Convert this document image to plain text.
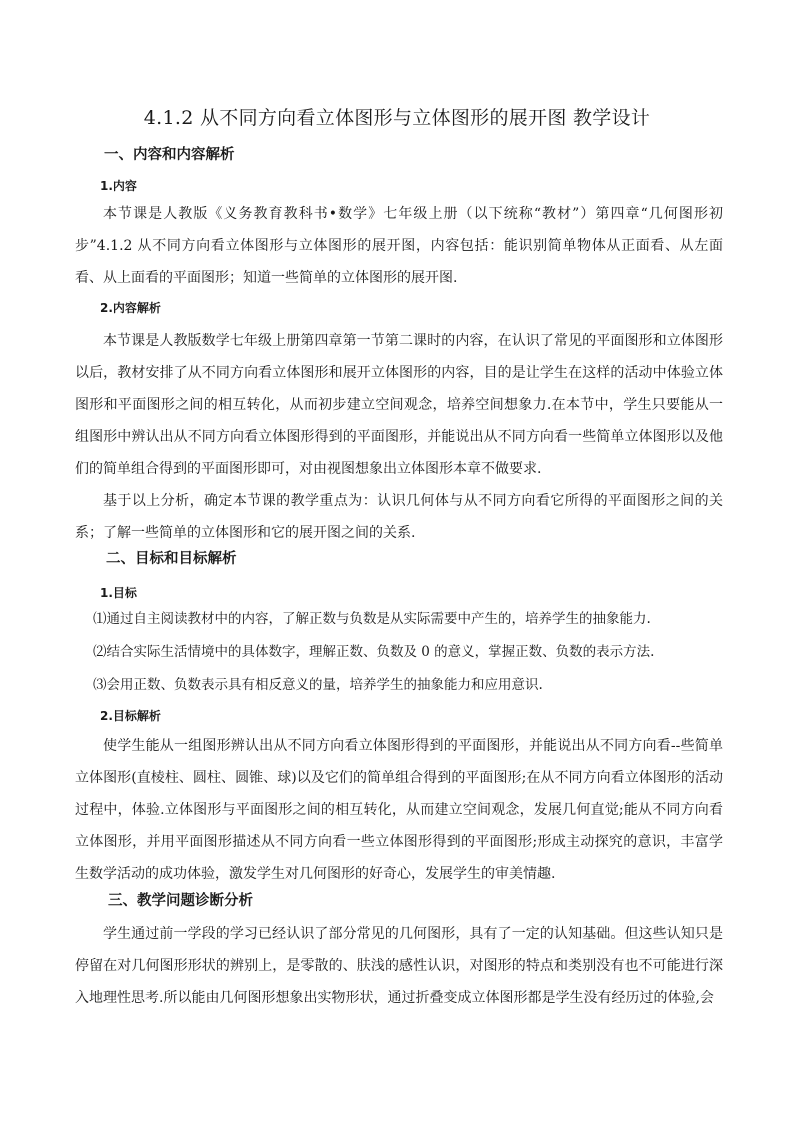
4.1.2 从不同方向看立体图形与立体图形的展开图 教学设计
一、内容和内容解析
1.内容

本节课是人教版《义务教育教科书•数学》七年级上册（以下统称“教材”）第四章“几何图形初步”4.1.2 从不同方向看立体图形与立体图形的展开图，内容包括：能识别简单物体从正面看、从左面看、从上面看的平面图形；知道一些简单的立体图形的展开图.

2.内容解析

本节课是人教版数学七年级上册第四章第一节第二课时的内容，在认识了常见的平面图形和立体图形以后，教材安排了从不同方向看立体图形和展开立体图形的内容，目的是让学生在这样的活动中体验立体图形和平面图形之间的相互转化，从而初步建立空间观念，培养空间想象力.在本节中，学生只要能从一组图形中辨认出从不同方向看立体图形得到的平面图形，并能说出从不同方向看一些简单立体图形以及他们的简单组合得到的平面图形即可，对由视图想象出立体图形本章不做要求.

基于以上分析，确定本节课的教学重点为：认识几何体与从不同方向看它所得的平面图形之间的关系；了解一些简单的立体图形和它的展开图之间的关系.

二、目标和目标解析
1.目标
⑴通过自主阅读教材中的内容，了解正数与负数是从实际需要中产生的，培养学生的抽象能力.
⑵结合实际生活情境中的具体数字，理解正数、负数及 0 的意义，掌握正数、负数的表示方法.
⑶会用正数、负数表示具有相反意义的量，培养学生的抽象能力和应用意识.
2.目标解析

使学生能从一组图形辨认出从不同方向看立体图形得到的平面图形，并能说出从不同方向看--些简单立体图形(直棱柱、圆柱、圆锥、球)以及它们的简单组合得到的平面图形;在从不同方向看立体图形的活动过程中，体验.立体图形与平面图形之间的相互转化，从而建立空间观念，发展几何直觉;能从不同方向看立体图形，并用平面图形描述从不同方向看一些立体图形得到的平面图形;形成主动探究的意识，丰富学生数学活动的成功体验，激发学生对几何图形的好奇心，发展学生的审美情趣.

三、教学问题诊断分析

学生通过前一学段的学习已经认识了部分常见的几何图形，具有了一定的认知基础。但这些认知只是停留在对几何图形形状的辨别上，是零散的、肤浅的感性认识，对图形的特点和类别没有也不可能进行深入地理性思考.所以能由几何图形想象出实物形状，通过折叠变成立体图形都是学生没有经历过的体验,会
